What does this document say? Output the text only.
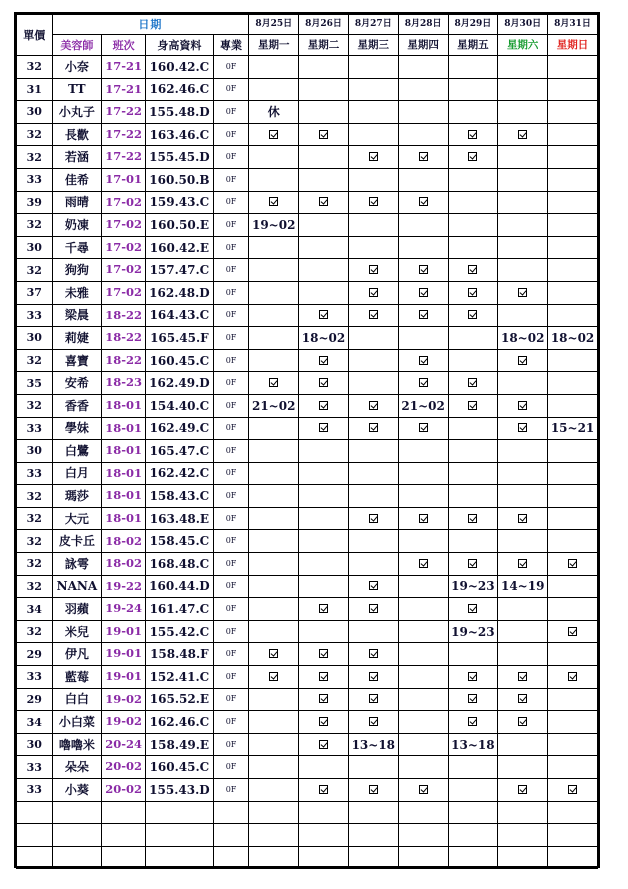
單價	日期				8月25日	8月26日	8月27日	8月28日	8月29日	8月30日	8月31日
	美容師	班次	身高資料	專業	星期一	星期二	星期三	星期四	星期五	星期六	星期日
32	小奈	17-21	160.42.C	0F							
31	TT	17-21	162.46.C	0F							
30	小丸子	17-22	155.48.D	0F	休						
32	長歡	17-22	163.46.C	0F							
32	若涵	17-22	155.45.D	0F							
33	佳希	17-01	160.50.B	0F							
39	雨晴	17-02	159.43.C	0F							
32	奶凍	17-02	160.50.E	0F	19~02						
30	千尋	17-02	160.42.E	0F							
32	狗狗	17-02	157.47.C	0F							
37	未雅	17-02	162.48.D	0F							
33	梁晨	18-22	164.43.C	0F							
30	莉婕	18-22	165.45.F	0F		18~02				18~02	18~02
32	喜寶	18-22	160.45.C	0F							
35	安希	18-23	162.49.D	0F							
32	香香	18-01	154.40.C	0F	21~02			21~02			
33	學妹	18-01	162.49.C	0F							15~21
30	白鷺	18-01	165.47.C	0F							
33	白月	18-01	162.42.C	0F							
32	瑪莎	18-01	158.43.C	0F							
32	大元	18-01	163.48.E	0F							
32	皮卡丘	18-02	158.45.C	0F							
32	詠雩	18-02	168.48.C	0F							
32	NANA	19-22	160.44.D	0F					19~23	14~19	
34	羽蘋	19-24	161.47.C	0F							
32	米兒	19-01	155.42.C	0F					19~23		
29	伊凡	19-01	158.48.F	0F							
33	藍莓	19-01	152.41.C	0F							
29	白白	19-02	165.52.E	0F							
34	小白菜	19-02	162.46.C	0F							
30	嚕嚕米	20-24	158.49.E	0F			13~18		13~18		
33	朵朵	20-02	160.45.C	0F							
33	小葵	20-02	155.43.D	0F							
